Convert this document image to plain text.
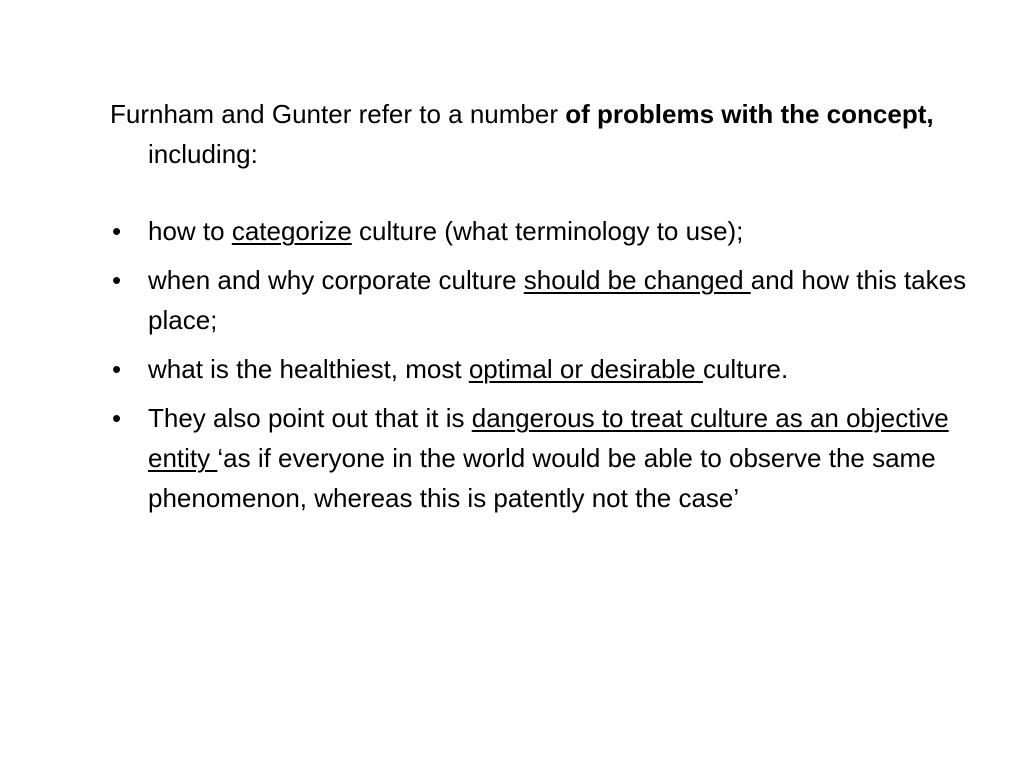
Furnham and Gunter refer to a number of problems with the concept, including:

•	how to categorize culture (what terminology to use);
•	when and why corporate culture should be changed and how this takes place;
•	what is the healthiest, most optimal or desirable culture.
•	They also point out that it is dangerous to treat culture as an objective entity ‘as if everyone in the world would be able to observe the same phenomenon, whereas this is patently not the case’
